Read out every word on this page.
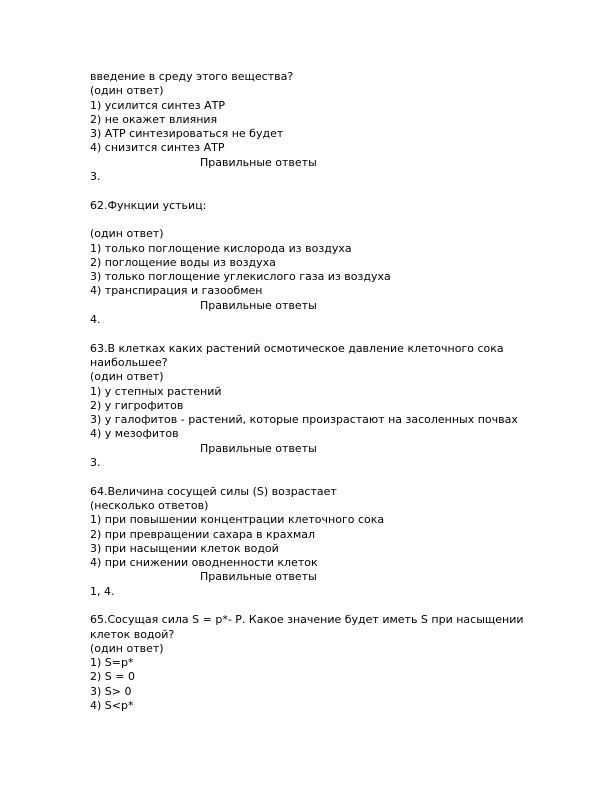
введение в среду этого вещества?
(один ответ)
1) усилится синтез АТР
2) не окажет влияния
3) АТР синтезироваться не будет
4) снизится синтез АТР
Правильные ответы
3.
62.Функции устьиц:
(один ответ)
1) только поглощение кислорода из воздуха
2) поглощение воды из воздуха
3) только поглощение углекислого газа из воздуха
4) транспирация и газообмен
Правильные ответы
4.
63.В клетках каких растений осмотическое давление клеточного сока наибольшее?
(один ответ)
1) у степных растений
2) у гигрофитов
3) у галофитов - растений, которые произрастают на засоленных почвах
4) у мезофитов
Правильные ответы
3.
64.Величина сосущей силы (S) возрастает
(несколько ответов)
1) при повышении концентрации клеточного сока
2) при превращении сахара в крахмал
3) при насыщении клеток водой
4) при снижении оводненности клеток
Правильные ответы
1, 4.
65.Сосущая сила S = р*- Р. Какое значение будет иметь S при насыщении клеток водой?
(один ответ)
1) S=р*
2) S = 0
3) S> 0
4) S<р*
